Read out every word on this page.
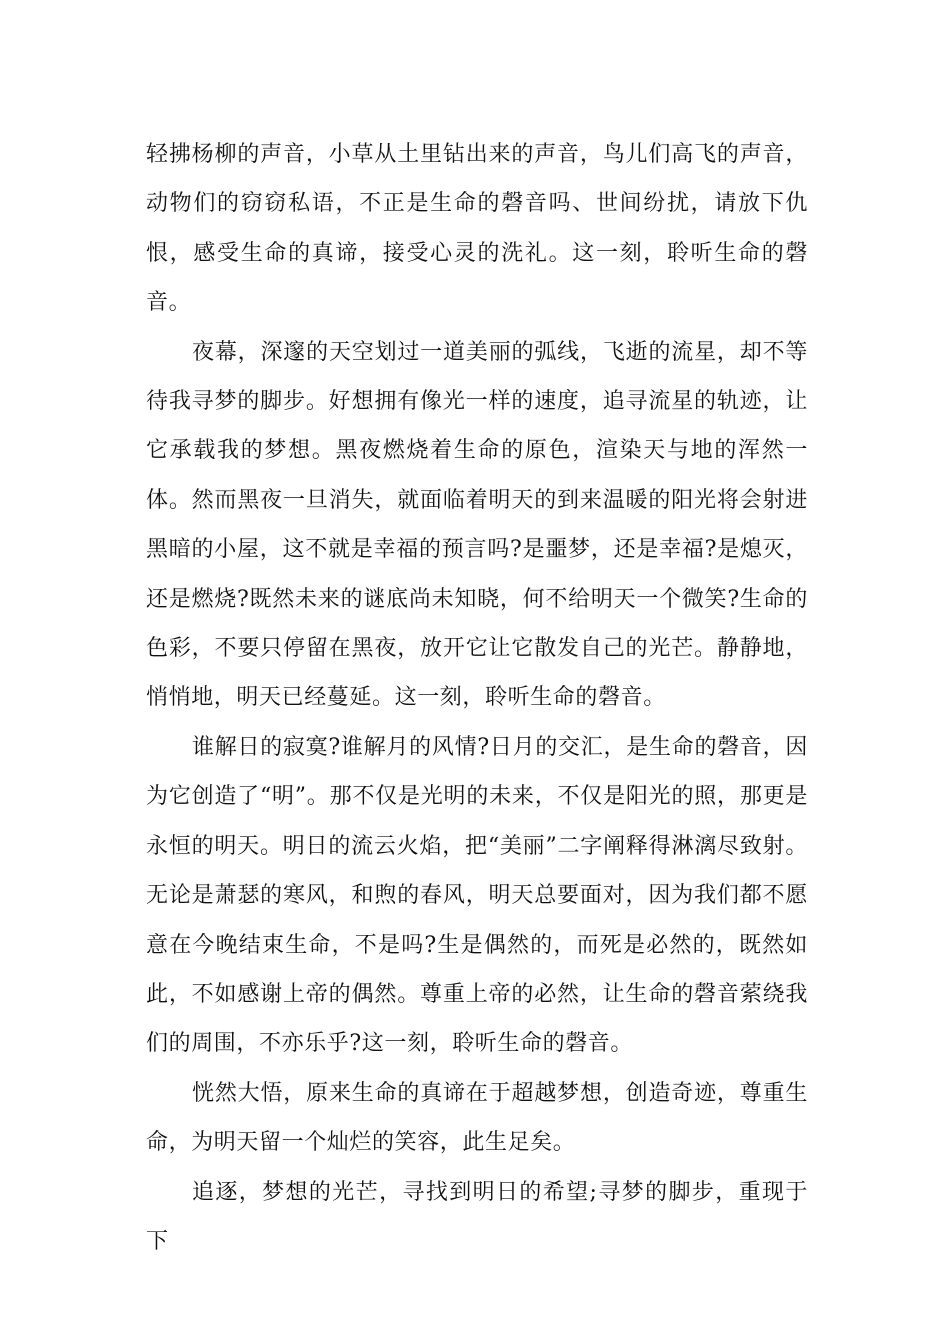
轻拂杨柳的声音，小草从土里钻出来的声音，鸟儿们高飞的声音，动物们的窃窃私语，不正是生命的磬音吗、世间纷扰，请放下仇恨，感受生命的真谛，接受心灵的洗礼。这一刻，聆听生命的磬音。

夜幕，深邃的天空划过一道美丽的弧线，飞逝的流星，却不等待我寻梦的脚步。好想拥有像光一样的速度，追寻流星的轨迹，让它承载我的梦想。黑夜燃烧着生命的原色，渲染天与地的浑然一体。然而黑夜一旦消失，就面临着明天的到来温暖的阳光将会射进黑暗的小屋，这不就是幸福的预言吗?是噩梦，还是幸福?是熄灭，还是燃烧?既然未来的谜底尚未知晓，何不给明天一个微笑?生命的色彩，不要只停留在黑夜，放开它让它散发自己的光芒。静静地，悄悄地，明天已经蔓延。这一刻，聆听生命的磬音。

谁解日的寂寞?谁解月的风情?日月的交汇，是生命的磬音，因为它创造了“明”。那不仅是光明的未来，不仅是阳光的照，那更是永恒的明天。明日的流云火焰，把“美丽”二字阐释得淋漓尽致射。无论是萧瑟的寒风，和煦的春风，明天总要面对，因为我们都不愿意在今晚结束生命，不是吗?生是偶然的，而死是必然的，既然如此，不如感谢上帝的偶然。尊重上帝的必然，让生命的磬音萦绕我们的周围，不亦乐乎?这一刻，聆听生命的磬音。

恍然大悟，原来生命的真谛在于超越梦想，创造奇迹，尊重生命，为明天留一个灿烂的笑容，此生足矣。

追逐，梦想的光芒，寻找到明日的希望;寻梦的脚步，重现于下
